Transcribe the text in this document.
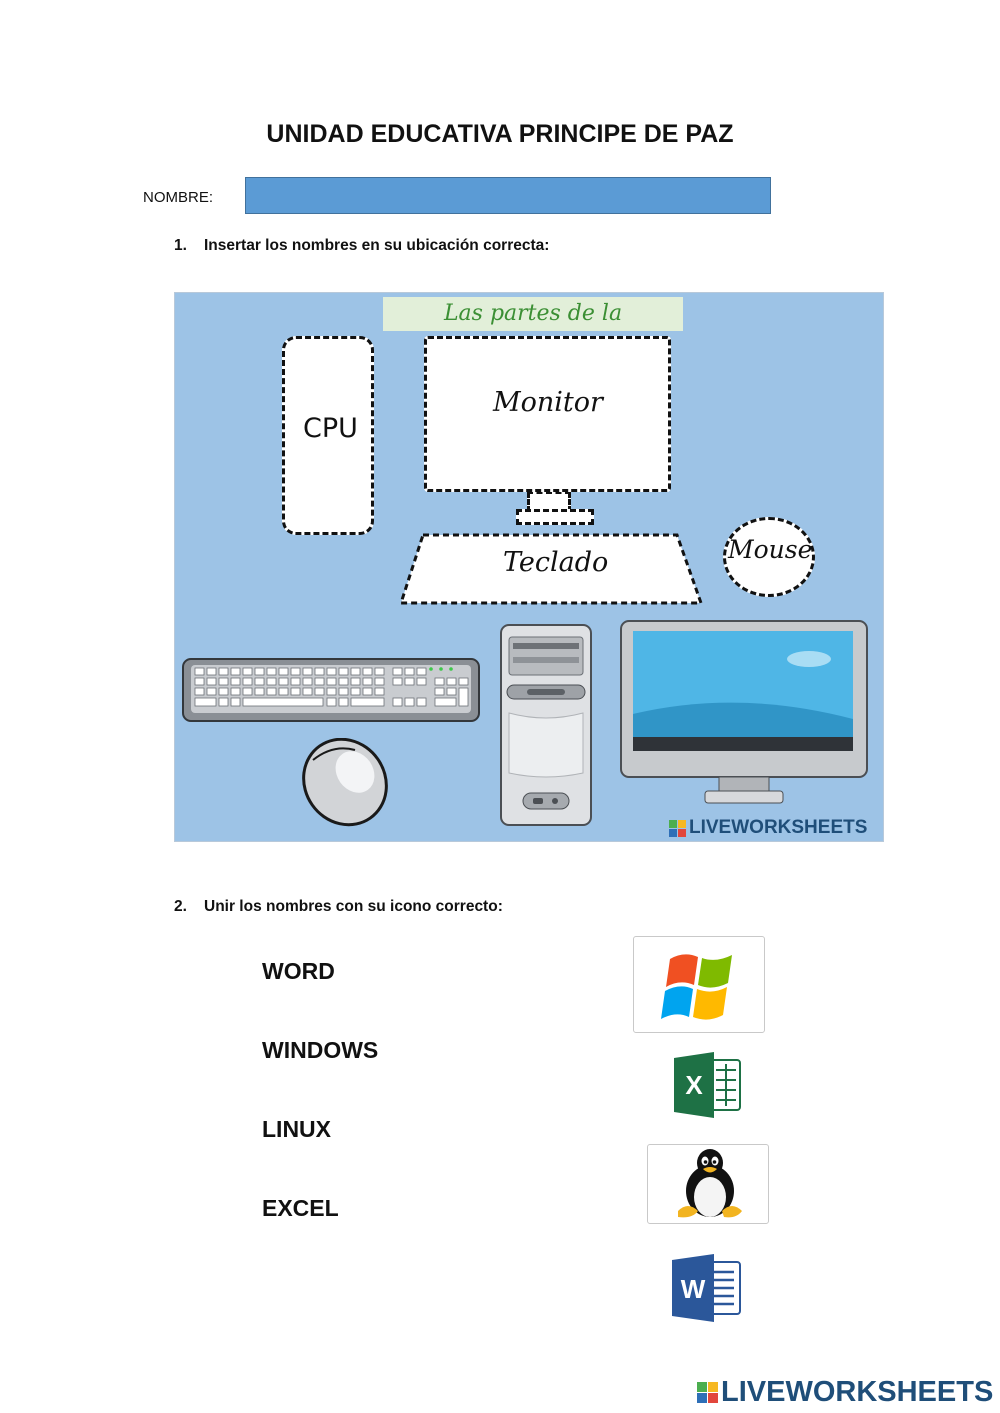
UNIDAD EDUCATIVA PRINCIPE DE PAZ
NOMBRE:
1. Insertar los nombres en su ubicación correcta:
Las partes de la
CPU
Monitor
Teclado	Mouse
LIVEWORKSHEETS
2. Unir los nombres con su icono correcto:
WORD
WINDOWS
LINUX
EXCEL
X
W
LIVEWORKSHEETS
